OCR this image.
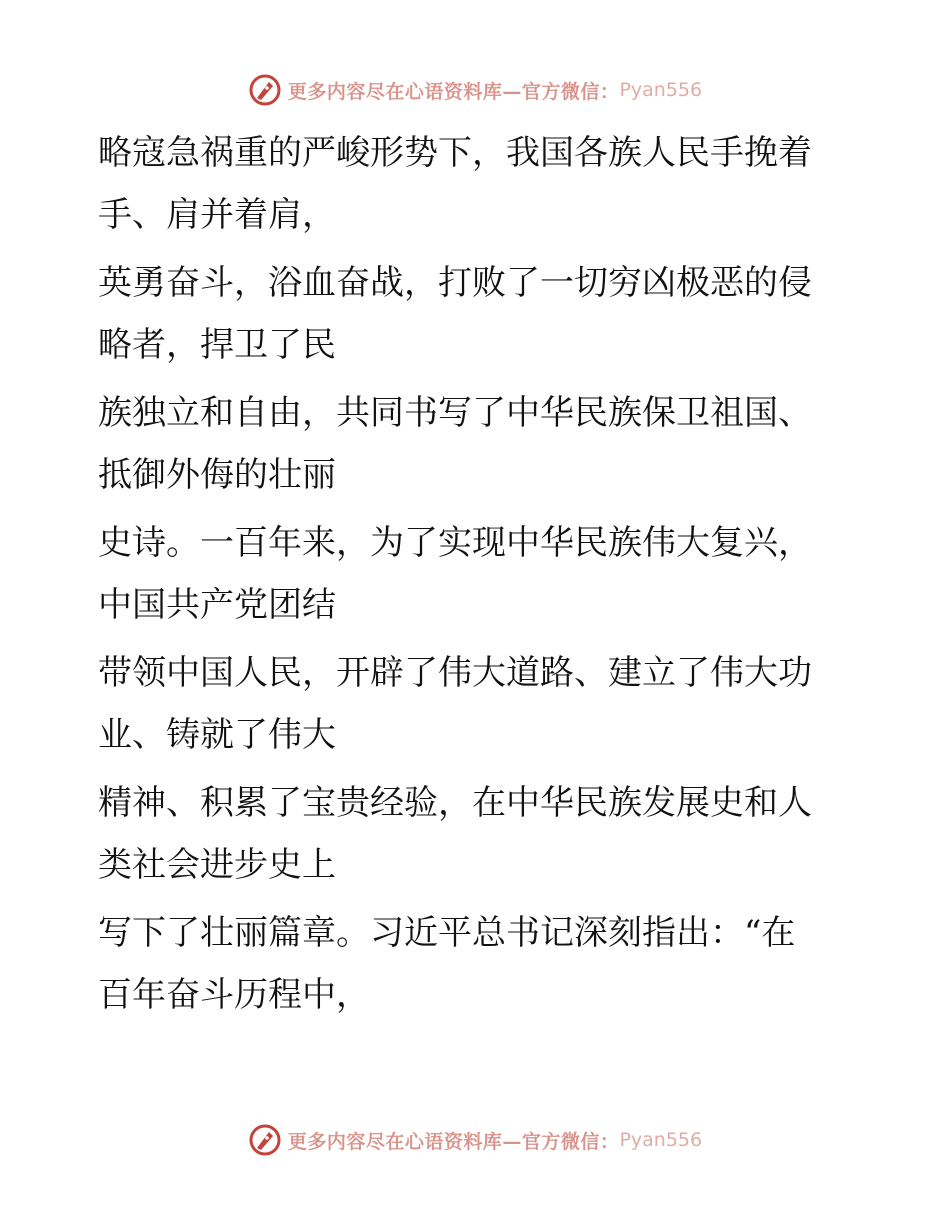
更多内容尽在心语资料库— 官方微信： Pyan556

略寇急祸重的严峻形势下，我国各族人民手挽着
手、肩并着肩，

英勇奋斗，浴血奋战，打败了一切穷凶极恶的侵
略者，捍卫了民

族独立和自由，共同书写了中华民族保卫祖国、
抵御外侮的壮丽

史诗。一百年来，为了实现中华民族伟大复兴，
中国共产党团结

带领中国人民，开辟了伟大道路、建立了伟大功
业、铸就了伟大

精神、积累了宝贵经验，在中华民族发展史和人
类社会进步史上

写下了壮丽篇章。习近平总书记深刻指出：“在
百年奋斗历程中，

更多内容尽在心语资料库— 官方微信： Pyan556
